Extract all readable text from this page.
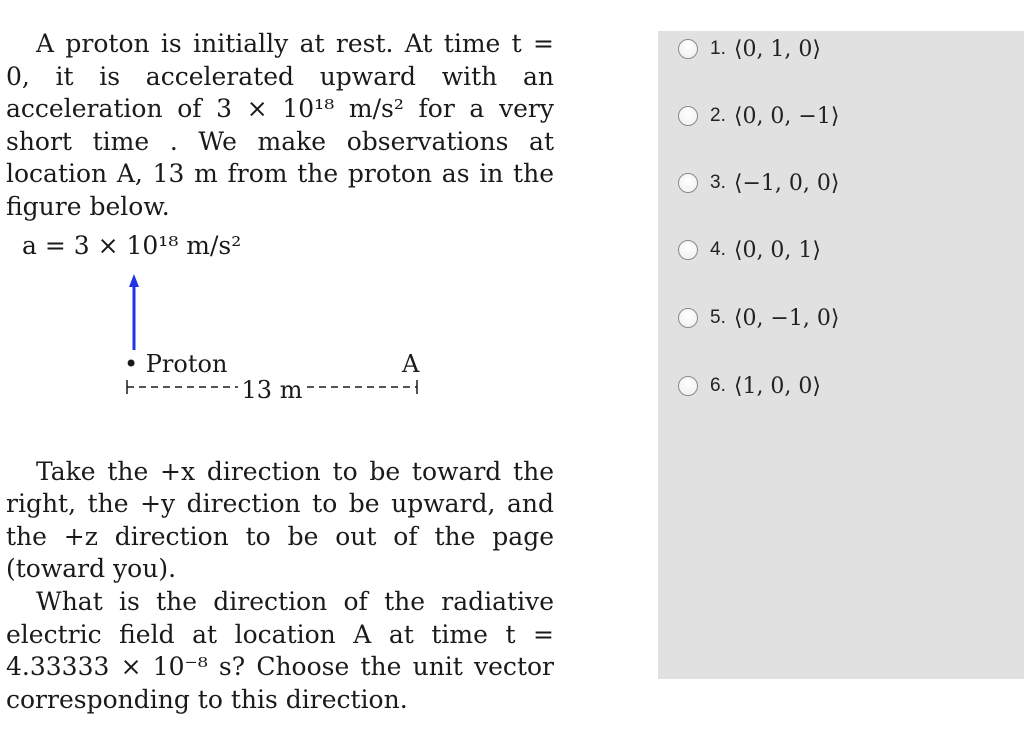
A proton is initially at rest. At time t = 0, it is accelerated upward with an acceleration of 3 × 10¹⁸ m/s² for a very short time . We make observations at location A, 13 m from the proton as in the figure below.

a = 3 × 10¹⁸ m/s²
• Proton	A
13 m

Take the +x direction to be toward the right, the +y direction to be upward, and the +z direction to be out of the page (toward you).

What is the direction of the radiative electric field at location A at time t = 4.33333 × 10⁻⁸ s? Choose the unit vector corresponding to this direction.

1. ⟨0, 1, 0⟩
2. ⟨0, 0, −1⟩
3. ⟨−1, 0, 0⟩
4. ⟨0, 0, 1⟩
5. ⟨0, −1, 0⟩
6. ⟨1, 0, 0⟩
